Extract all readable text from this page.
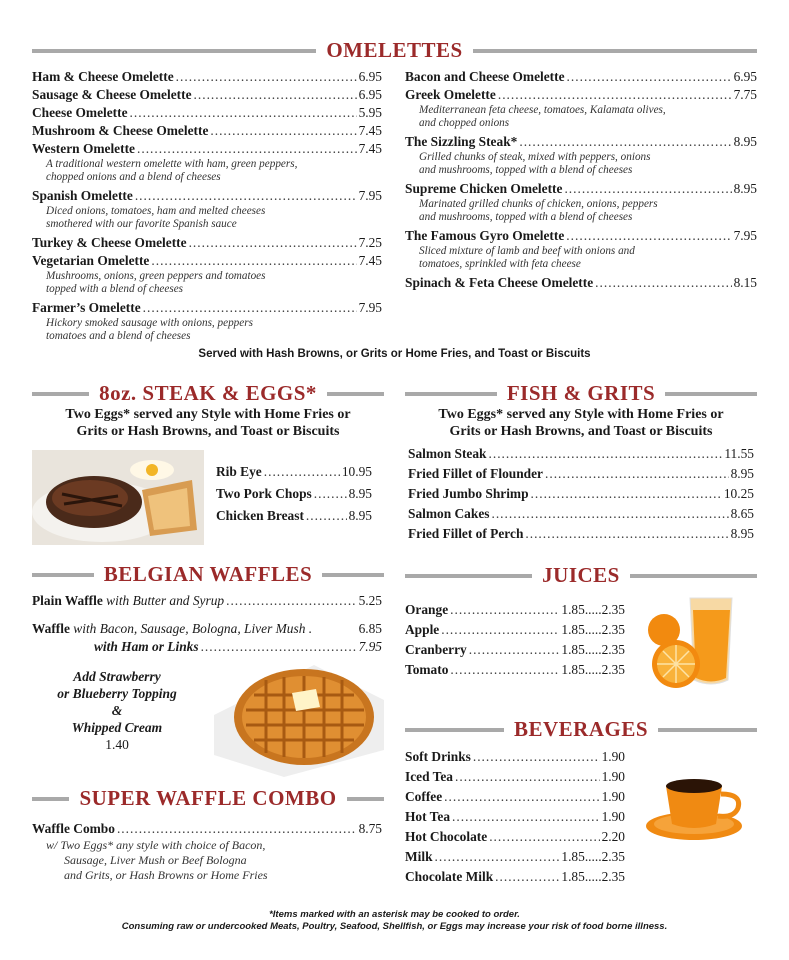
OMELETTES
Ham & Cheese Omelette .....	6.95
Sausage & Cheese Omelette .....	6.95
Cheese Omelette .....	5.95
Mushroom & Cheese Omelette .....	7.45
Western Omelette .....	7.45
A traditional western omelette with ham, green peppers,
chopped onions and a blend of cheeses
Spanish Omelette .....	7.95
Diced onions, tomatoes, ham and melted cheeses
smothered with our favorite Spanish sauce
Turkey & Cheese Omelette .....	7.25
Vegetarian Omelette .....	7.45
Mushrooms, onions, green peppers and tomatoes
topped with a blend of cheeses
Farmer’s Omelette .....	7.95
Hickory smoked sausage with onions, peppers
tomatoes and a blend of cheeses
Bacon and Cheese Omelette .....	6.95
Greek Omelette .....	7.75
Mediterranean feta cheese, tomatoes, Kalamata olives,
and chopped onions
The Sizzling Steak* .....	8.95
Grilled chunks of steak, mixed with peppers, onions
and mushrooms, topped with a blend of cheeses
Supreme Chicken Omelette .....	8.95
Marinated grilled chunks of chicken, onions, peppers
and mushrooms, topped with a blend of cheeses
The Famous Gyro Omelette .....	7.95
Sliced mixture of lamb and beef with onions and
tomatoes, sprinkled with feta cheese
Spinach & Feta Cheese Omelette .....	8.15
Served with Hash Browns, or Grits or Home Fries, and Toast or Biscuits
8oz. STEAK & EGGS*
Two Eggs* served any Style with Home Fries or
Grits or Hash Browns, and Toast or Biscuits
Rib Eye .....	10.95
Two Pork Chops .....	8.95
Chicken Breast .....	8.95
FISH & GRITS
Two Eggs* served any Style with Home Fries or
Grits or Hash Browns, and Toast or Biscuits
Salmon Steak .....	11.55
Fried Fillet of Flounder .....	8.95
Fried Jumbo Shrimp .....	10.25
Salmon Cakes .....	8.65
Fried Fillet of Perch .....	8.95
BELGIAN WAFFLES
Plain Waffle with Butter and Syrup .....	5.25
Waffle with Bacon, Sausage, Bologna, Liver Mush .	6.85
with Ham or Links .....	7.95
Add Strawberry
or Blueberry Topping
&
Whipped Cream
1.40
SUPER WAFFLE COMBO
Waffle Combo .....	8.75
w/ Two Eggs* any style with choice of Bacon,
Sausage, Liver Mush or Beef Bologna
and Grits, or Hash Browns or Home Fries
JUICES
Orange .....	1.85.....2.35
Apple .....	1.85.....2.35
Cranberry .....	1.85.....2.35
Tomato .....	1.85.....2.35
BEVERAGES
Soft Drinks .....	1.90
Iced Tea .....	1.90
Coffee .....	1.90
Hot Tea .....	1.90
Hot Chocolate .....	2.20
Milk .....	1.85.....2.35
Chocolate Milk .....	1.85.....2.35
*Items marked with an asterisk may be cooked to order.
Consuming raw or undercooked Meats, Poultry, Seafood, Shellfish, or Eggs may increase your risk of food borne illness.
